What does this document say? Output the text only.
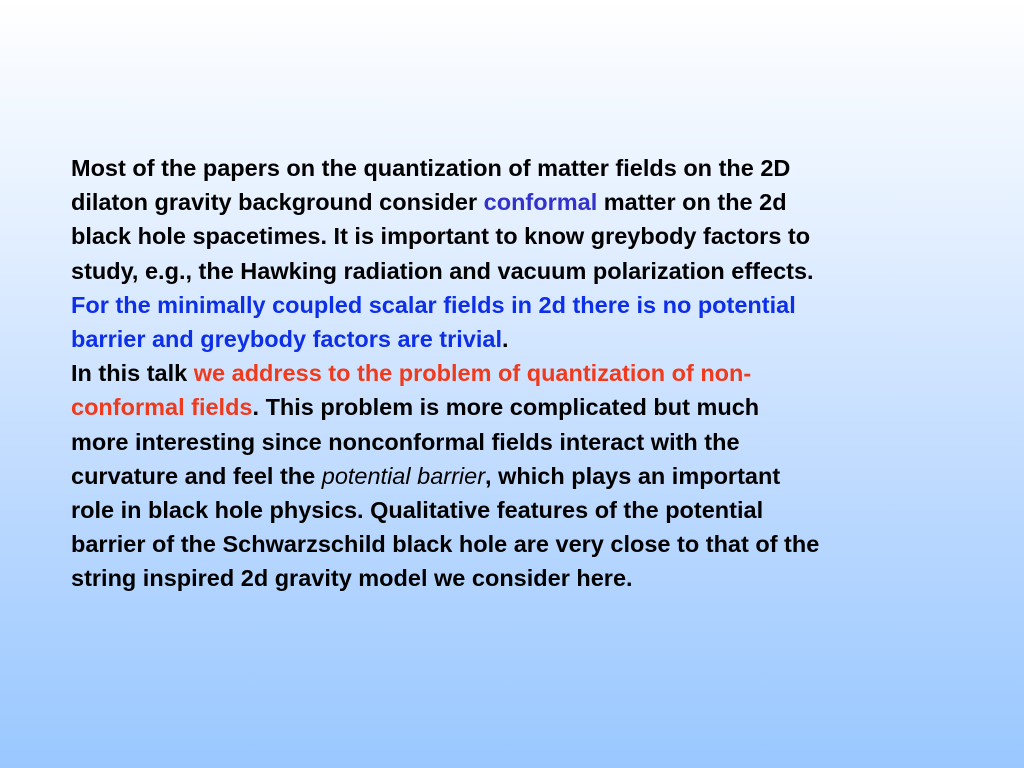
Most of the papers on the quantization of matter fields on the 2D
dilaton gravity background consider conformal matter on the 2d
black hole spacetimes. It is important to know greybody factors to
study, e.g., the Hawking radiation and vacuum polarization effects.
For the minimally coupled scalar fields in 2d there is no potential
barrier and greybody factors are trivial.

In this talk we address to the problem of quantization of non-
conformal fields. This problem is more complicated but much
more interesting since nonconformal fields interact with the
curvature and feel the potential barrier, which plays an important
role in black hole physics. Qualitative features of the potential
barrier of the Schwarzschild black hole are very close to that of the
string inspired 2d gravity model we consider here.
